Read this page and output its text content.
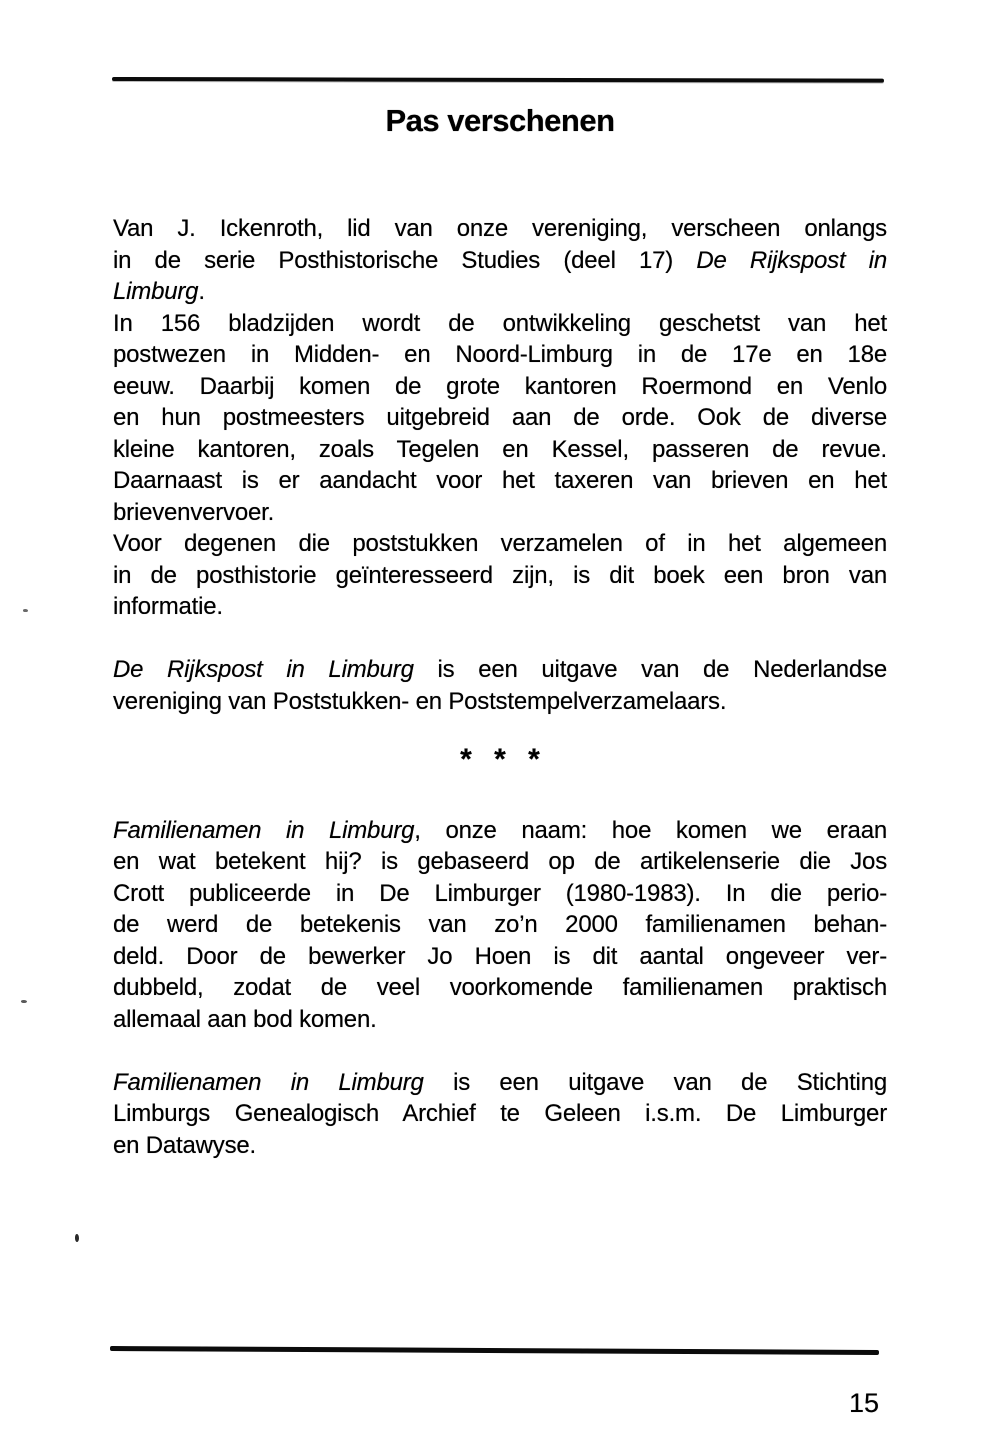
Pas verschenen
Van J. Ickenroth, lid van onze vereniging, verscheen onlangs
in de serie Posthistorische Studies (deel 17) De Rijkspost in
Limburg.
In 156 bladzijden wordt de ontwikkeling geschetst van het
postwezen in Midden- en Noord-Limburg in de 17e en 18e
eeuw. Daarbij komen de grote kantoren Roermond en Venlo
en hun postmeesters uitgebreid aan de orde. Ook de diverse
kleine kantoren, zoals Tegelen en Kessel, passeren de revue.
Daarnaast is er aandacht voor het taxeren van brieven en het
brievenvervoer.
Voor degenen die poststukken verzamelen of in het algemeen
in de posthistorie geïnteresseerd zijn, is dit boek een bron van
informatie.
De Rijkspost in Limburg is een uitgave van de Nederlandse
vereniging van Poststukken- en Poststempelverzamelaars.
* * *
Familienamen in Limburg, onze naam: hoe komen we eraan
en wat betekent hij? is gebaseerd op de artikelenserie die Jos
Crott publiceerde in De Limburger (1980-1983). In die perio-
de werd de betekenis van zo’n 2000 familienamen behan-
deld. Door de bewerker Jo Hoen is dit aantal ongeveer ver-
dubbeld, zodat de veel voorkomende familienamen praktisch
allemaal aan bod komen.
Familienamen in Limburg is een uitgave van de Stichting
Limburgs Genealogisch Archief te Geleen i.s.m. De Limburger
en Datawyse.
15
